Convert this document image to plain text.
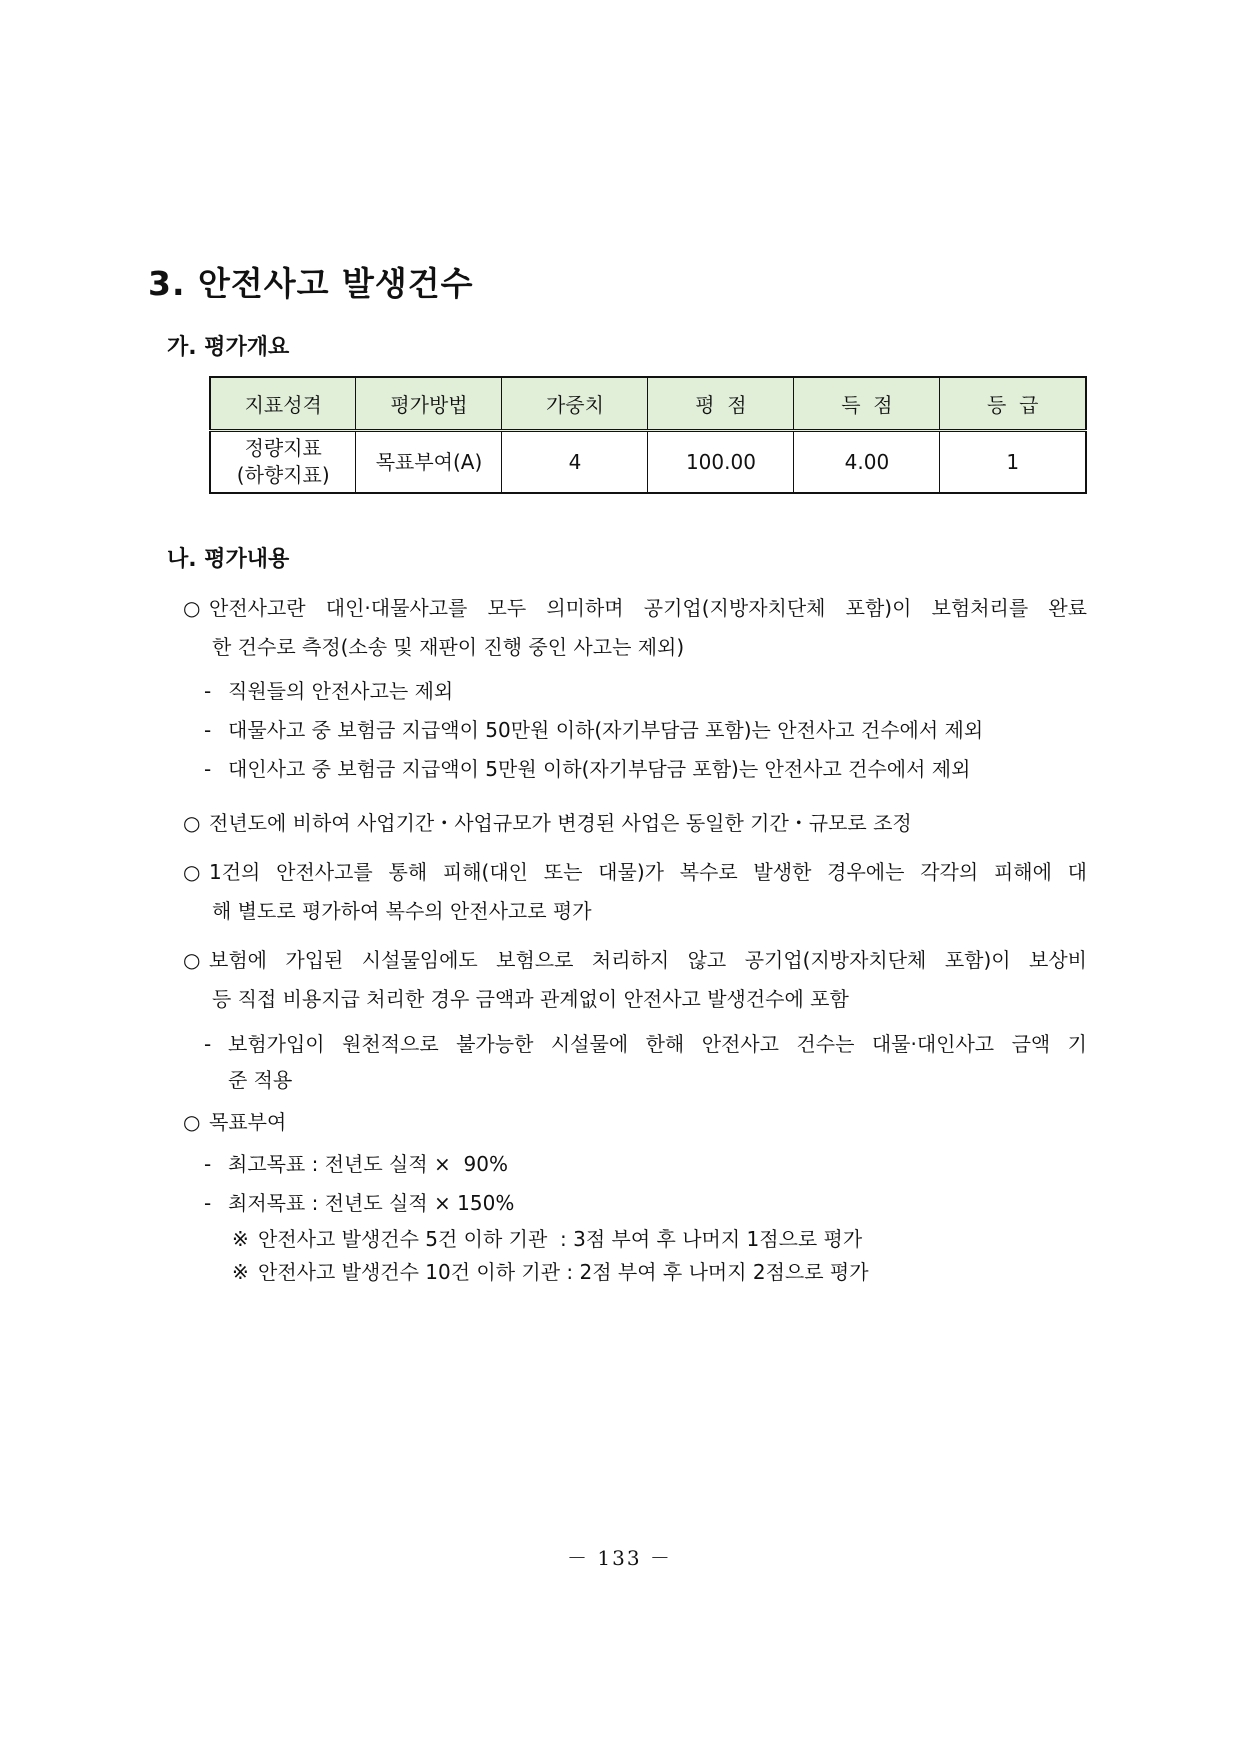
3. 안전사고 발생건수
가. 평가개요
지표성격	평가방법	가중치	평  점	득  점	등  급

정량지표
(하향지표)	목표부여(A)	4	100.00	4.00	1
나. 평가내용
○ 안전사고란 대인·대물사고를 모두 의미하며 공기업(지방자치단체 포함)이 보험처리를 완료
한 건수로 측정(소송 및 재판이 진행 중인 사고는 제외)
- 직원들의 안전사고는 제외
- 대물사고 중 보험금 지급액이 50만원 이하(자기부담금 포함)는 안전사고 건수에서 제외
- 대인사고 중 보험금 지급액이 5만원 이하(자기부담금 포함)는 안전사고 건수에서 제외
○ 전년도에 비하여 사업기간・사업규모가 변경된 사업은 동일한 기간・규모로 조정
○ 1건의 안전사고를 통해 피해(대인 또는 대물)가 복수로 발생한 경우에는 각각의 피해에 대
해 별도로 평가하여 복수의 안전사고로 평가
○ 보험에 가입된 시설물임에도 보험으로 처리하지 않고 공기업(지방자치단체 포함)이 보상비
등 직접 비용지급 처리한 경우 금액과 관계없이 안전사고 발생건수에 포함
- 보험가입이 원천적으로 불가능한 시설물에 한해 안전사고 건수는 대물·대인사고 금액 기
준 적용
○ 목표부여
- 최고목표 : 전년도 실적 ×  90%
- 최저목표 : 전년도 실적 × 150%
※ 안전사고 발생건수 5건 이하 기관  : 3점 부여 후 나머지 1점으로 평가
※ 안전사고 발생건수 10건 이하 기관 : 2점 부여 후 나머지 2점으로 평가
－ 133 －
